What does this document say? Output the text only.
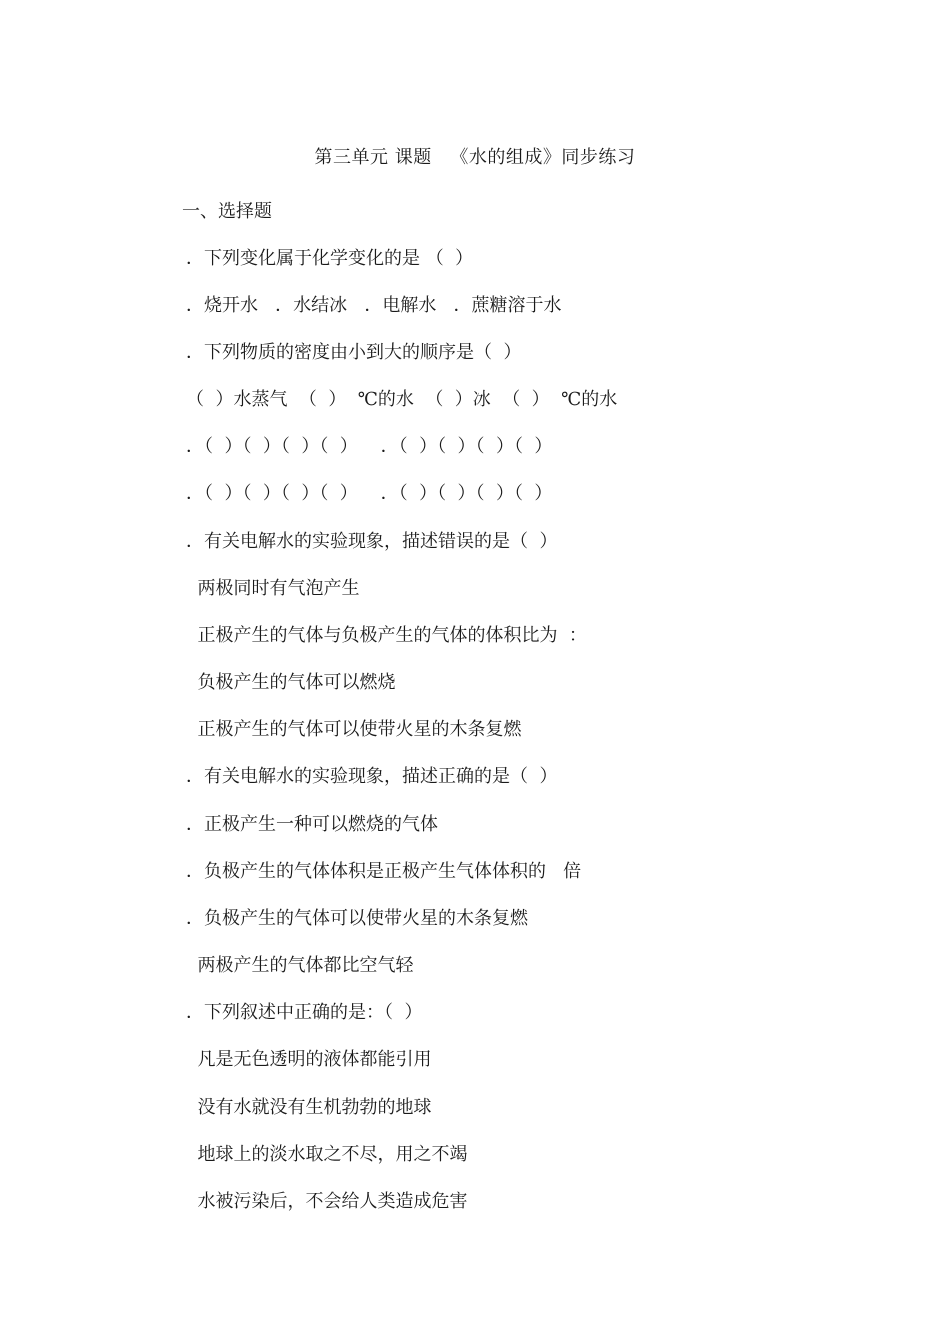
第三单元 课题   《水的组成》同步练习
一、选择题
．下列变化属于化学变化的是 （  ）
．烧开水   ．水结冰   ．电解水   ．蔗糖溶于水
．下列物质的密度由小到大的顺序是（  ）
（  ）水蒸气  （  ）  ℃的水  （  ）冰  （  ）  ℃的水
．（  ）（  ）（  ）（  ）    ．（  ）（  ）（  ）（  ）
．（  ）（  ）（  ）（  ）    ．（  ）（  ）（  ）（  ）
．有关电解水的实验现象，描述错误的是（  ）
两极同时有气泡产生
正极产生的气体与负极产生的气体的体积比为  ：
负极产生的气体可以燃烧
正极产生的气体可以使带火星的木条复燃
．有关电解水的实验现象，描述正确的是（  ）
．正极产生一种可以燃烧的气体
．负极产生的气体体积是正极产生气体体积的   倍
．负极产生的气体可以使带火星的木条复燃
两极产生的气体都比空气轻
．下列叙述中正确的是：（  ）
凡是无色透明的液体都能引用
没有水就没有生机勃勃的地球
地球上的淡水取之不尽，用之不竭
水被污染后，不会给人类造成危害
